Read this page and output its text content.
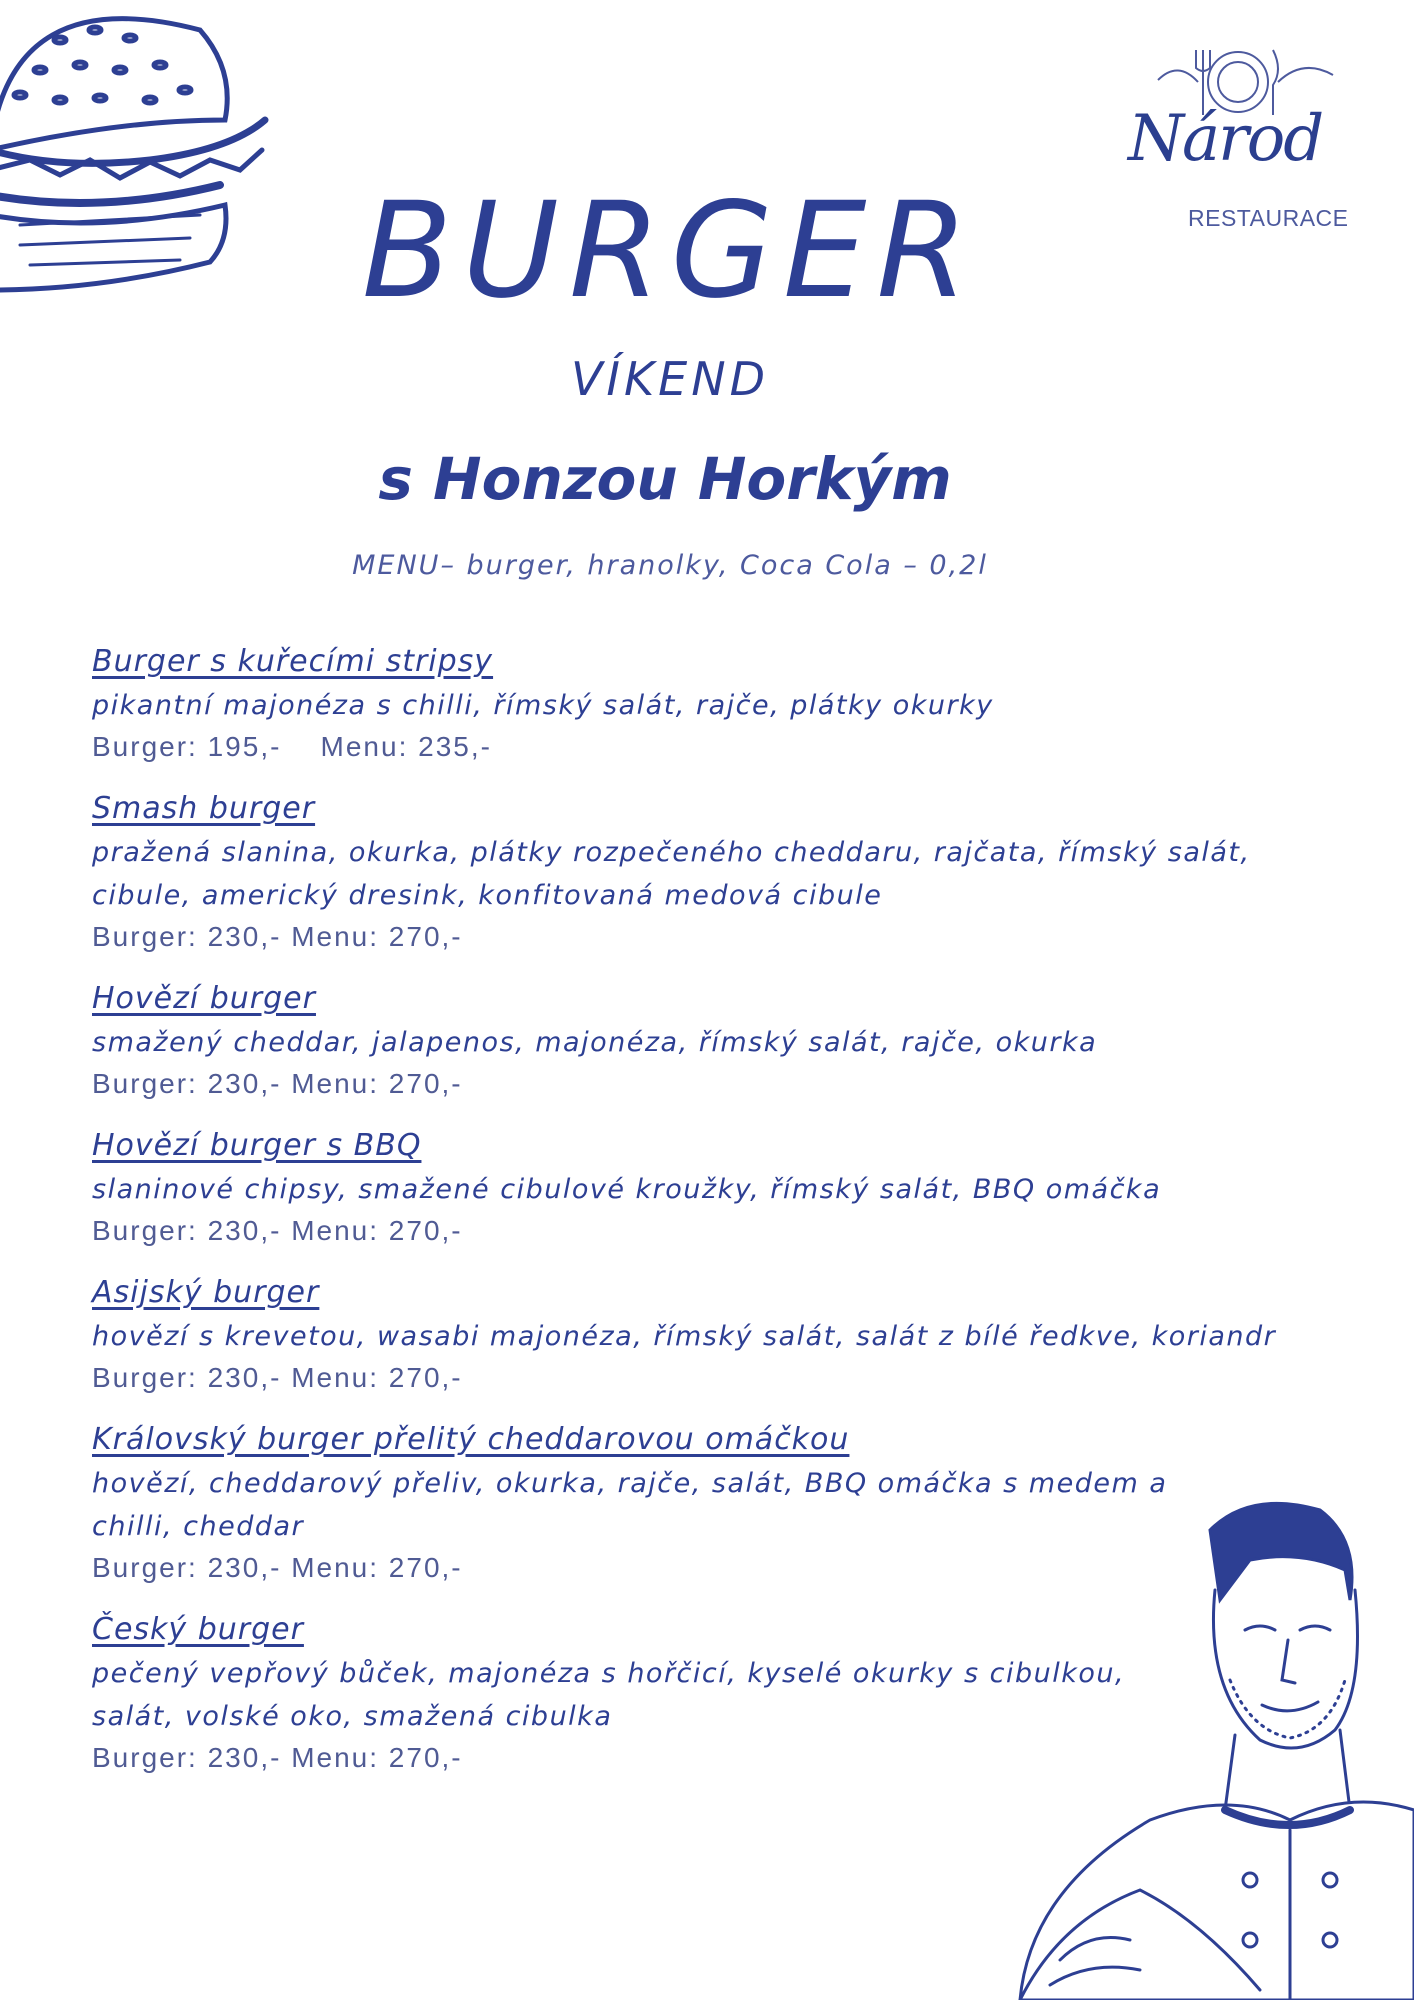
Národ
RESTAURACE
BURGER
VÍKEND
s Honzou Horkým
MENU– burger, hranolky, Coca Cola – 0,2l
Burger s kuřecími stripsy
pikantní majonéza s chilli, římský salát, rajče, plátky okurky
Burger: 195,-    Menu: 235,-
Smash burger
pražená slanina, okurka, plátky rozpečeného cheddaru, rajčata, římský salát, cibule, americký dresink, konfitovaná medová cibule
Burger: 230,- Menu: 270,-
Hovězí burger
smažený cheddar, jalapenos, majonéza, římský salát, rajče, okurka
Burger: 230,- Menu: 270,-
Hovězí burger s BBQ
slaninové chipsy, smažené cibulové kroužky, římský salát, BBQ omáčka
Burger: 230,- Menu: 270,-
Asijský burger
hovězí s krevetou, wasabi majonéza, římský salát, salát z bílé ředkve, koriandr
Burger: 230,- Menu: 270,-
Královský burger přelitý cheddarovou omáčkou
hovězí, cheddarový přeliv, okurka, rajče, salát, BBQ omáčka s medem a chilli, cheddar
Burger: 230,- Menu: 270,-
Český burger
pečený vepřový bůček, majonéza s hořčicí, kyselé okurky s cibulkou, salát, volské oko, smažená cibulka
Burger: 230,- Menu: 270,-
